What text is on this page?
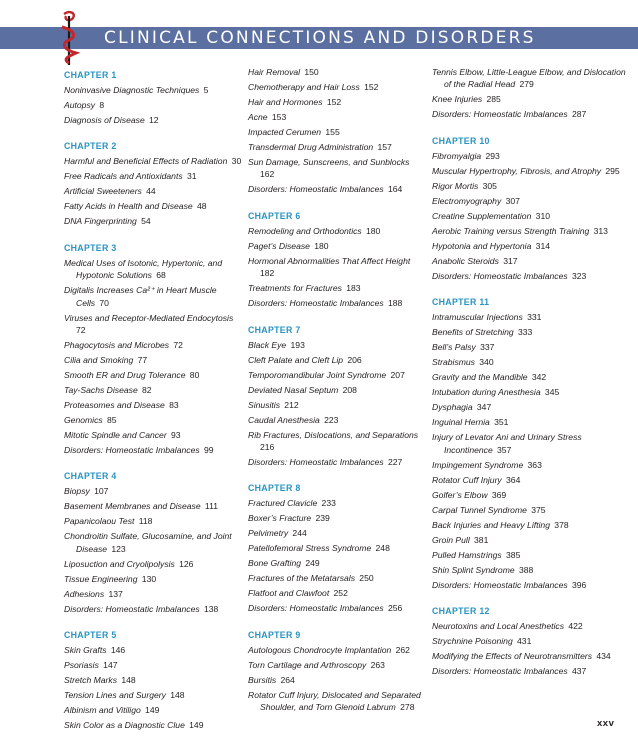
CLINICAL CONNECTIONS AND DISORDERS
CHAPTER 1
Noninvasive Diagnostic Techniques  5
Autopsy  8
Diagnosis of Disease  12
CHAPTER 2
Harmful and Beneficial Effects of Radiation  30
Free Radicals and Antioxidants  31
Artificial Sweeteners  44
Fatty Acids in Health and Disease  48
DNA Fingerprinting  54
CHAPTER 3
Medical Uses of Isotonic, Hypertonic, and Hypotonic Solutions  68
Digitalis Increases Ca²⁺ in Heart Muscle Cells  70
Viruses and Receptor-Mediated Endocytosis 72
Phagocytosis and Microbes  72
Cilia and Smoking  77
Smooth ER and Drug Tolerance  80
Tay-Sachs Disease  82
Proteasomes and Disease  83
Genomics  85
Mitotic Spindle and Cancer  93
Disorders: Homeostatic Imbalances  99
CHAPTER 4
Biopsy  107
Basement Membranes and Disease  111
Papanicolaou Test  118
Chondroitin Sulfate, Glucosamine, and Joint Disease  123
Liposuction and Cryolipolysis  126
Tissue Engineering  130
Adhesions  137
Disorders: Homeostatic Imbalances  138
CHAPTER 5
Skin Grafts  146
Psoriasis  147
Stretch Marks  148
Tension Lines and Surgery  148
Albinism and Vitiligo  149
Skin Color as a Diagnostic Clue  149
Hair Removal  150
Chemotherapy and Hair Loss  152
Hair and Hormones  152
Acne  153
Impacted Cerumen  155
Transdermal Drug Administration  157
Sun Damage, Sunscreens, and Sunblocks 162
Disorders: Homeostatic Imbalances  164
CHAPTER 6
Remodeling and Orthodontics  180
Paget’s Disease  180
Hormonal Abnormalities That Affect Height 182
Treatments for Fractures  183
Disorders: Homeostatic Imbalances  188
CHAPTER 7
Black Eye  193
Cleft Palate and Cleft Lip  206
Temporomandibular Joint Syndrome  207
Deviated Nasal Septum  208
Sinusitis  212
Caudal Anesthesia  223
Rib Fractures, Dislocations, and Separations 216
Disorders: Homeostatic Imbalances  227
CHAPTER 8
Fractured Clavicle  233
Boxer’s Fracture  239
Pelvimetry  244
Patellofemoral Stress Syndrome  248
Bone Grafting  249
Fractures of the Metatarsals  250
Flatfoot and Clawfoot  252
Disorders: Homeostatic Imbalances  256
CHAPTER 9
Autologous Chondrocyte Implantation  262
Torn Cartilage and Arthroscopy  263
Bursitis  264
Rotator Cuff Injury, Dislocated and Separated Shoulder, and Torn Glenoid Labrum  278
Tennis Elbow, Little-League Elbow, and Dislocation of the Radial Head  279
Knee Injuries  285
Disorders: Homeostatic Imbalances  287
CHAPTER 10
Fibromyalgia  293
Muscular Hypertrophy, Fibrosis, and Atrophy  295
Rigor Mortis  305
Electromyography  307
Creatine Supplementation  310
Aerobic Training versus Strength Training  313
Hypotonia and Hypertonia  314
Anabolic Steroids  317
Disorders: Homeostatic Imbalances  323
CHAPTER 11
Intramuscular Injections  331
Benefits of Stretching  333
Bell’s Palsy  337
Strabismus  340
Gravity and the Mandible  342
Intubation during Anesthesia  345
Dysphagia  347
Inguinal Hernia  351
Injury of Levator Ani and Urinary Stress Incontinence  357
Impingement Syndrome  363
Rotator Cuff Injury  364
Golfer’s Elbow  369
Carpal Tunnel Syndrome  375
Back Injuries and Heavy Lifting  378
Groin Pull  381
Pulled Hamstrings  385
Shin Splint Syndrome  388
Disorders: Homeostatic Imbalances  396
CHAPTER 12
Neurotoxins and Local Anesthetics  422
Strychnine Poisoning  431
Modifying the Effects of Neurotransmitters  434
Disorders: Homeostatic Imbalances  437
xxv
